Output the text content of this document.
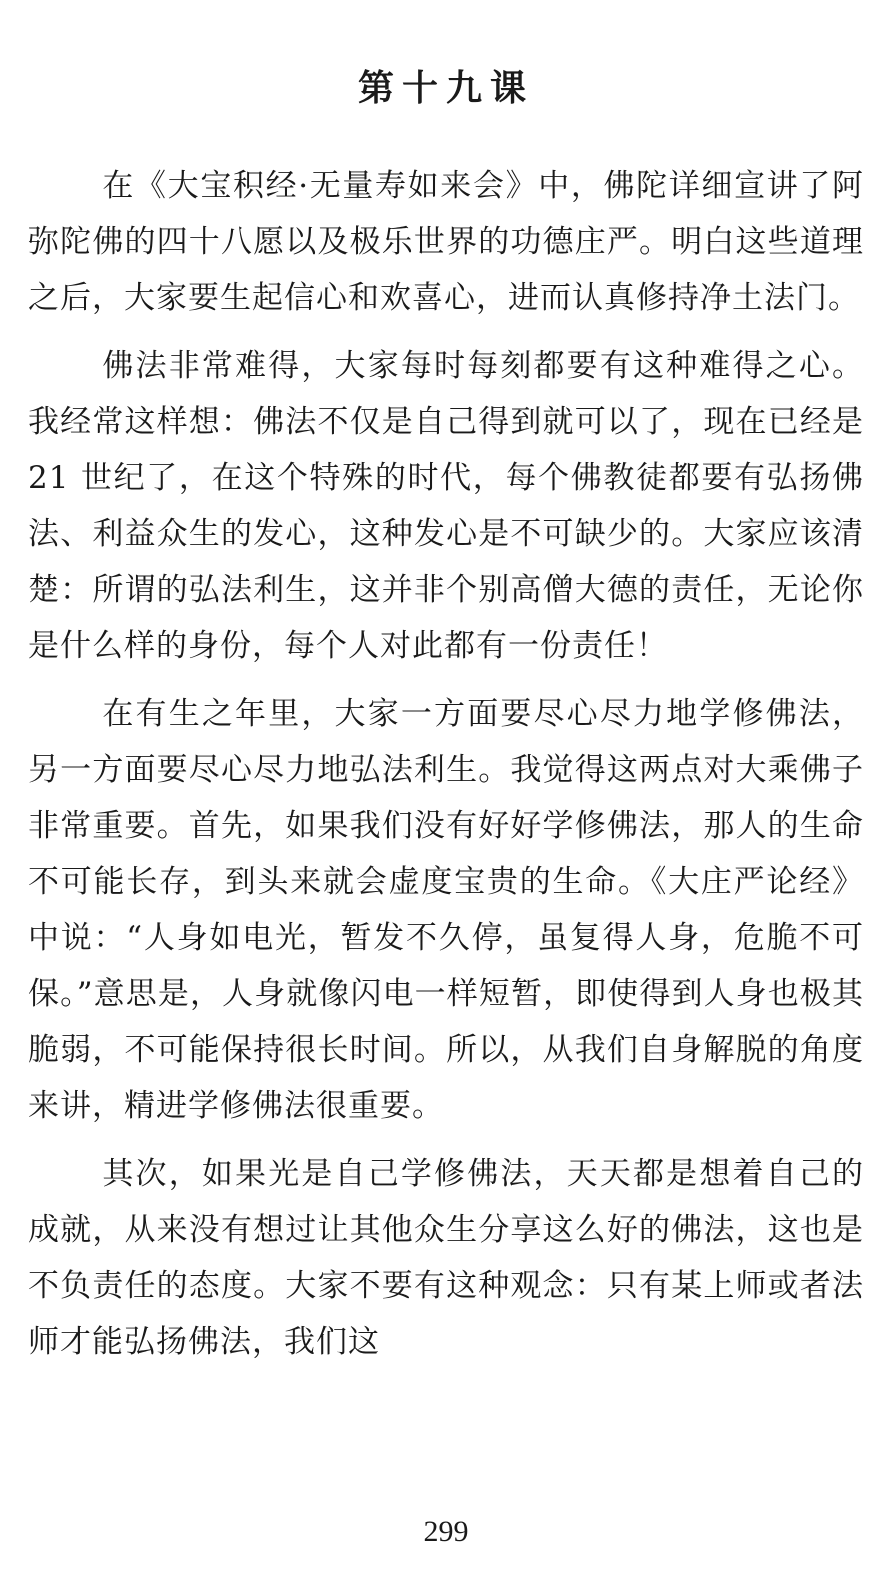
第十九课

在《大宝积经·无量寿如来会》中，佛陀详细宣讲了阿弥陀佛的四十八愿以及极乐世界的功德庄严。明白这些道理之后，大家要生起信心和欢喜心，进而认真修持净土法门。

佛法非常难得，大家每时每刻都要有这种难得之心。我经常这样想：佛法不仅是自己得到就可以了，现在已经是 21 世纪了，在这个特殊的时代，每个佛教徒都要有弘扬佛法、利益众生的发心，这种发心是不可缺少的。大家应该清楚：所谓的弘法利生，这并非个别高僧大德的责任，无论你是什么样的身份，每个人对此都有一份责任！

在有生之年里，大家一方面要尽心尽力地学修佛法，另一方面要尽心尽力地弘法利生。我觉得这两点对大乘佛子非常重要。首先，如果我们没有好好学修佛法，那人的生命不可能长存，到头来就会虚度宝贵的生命。《大庄严论经》中说：“人身如电光，暂发不久停，虽复得人身，危脆不可保。”意思是，人身就像闪电一样短暂，即使得到人身也极其脆弱，不可能保持很长时间。所以，从我们自身解脱的角度来讲，精进学修佛法很重要。

其次，如果光是自己学修佛法，天天都是想着自己的成就，从来没有想过让其他众生分享这么好的佛法，这也是不负责任的态度。大家不要有这种观念：只有某上师或者法师才能弘扬佛法，我们这

299
